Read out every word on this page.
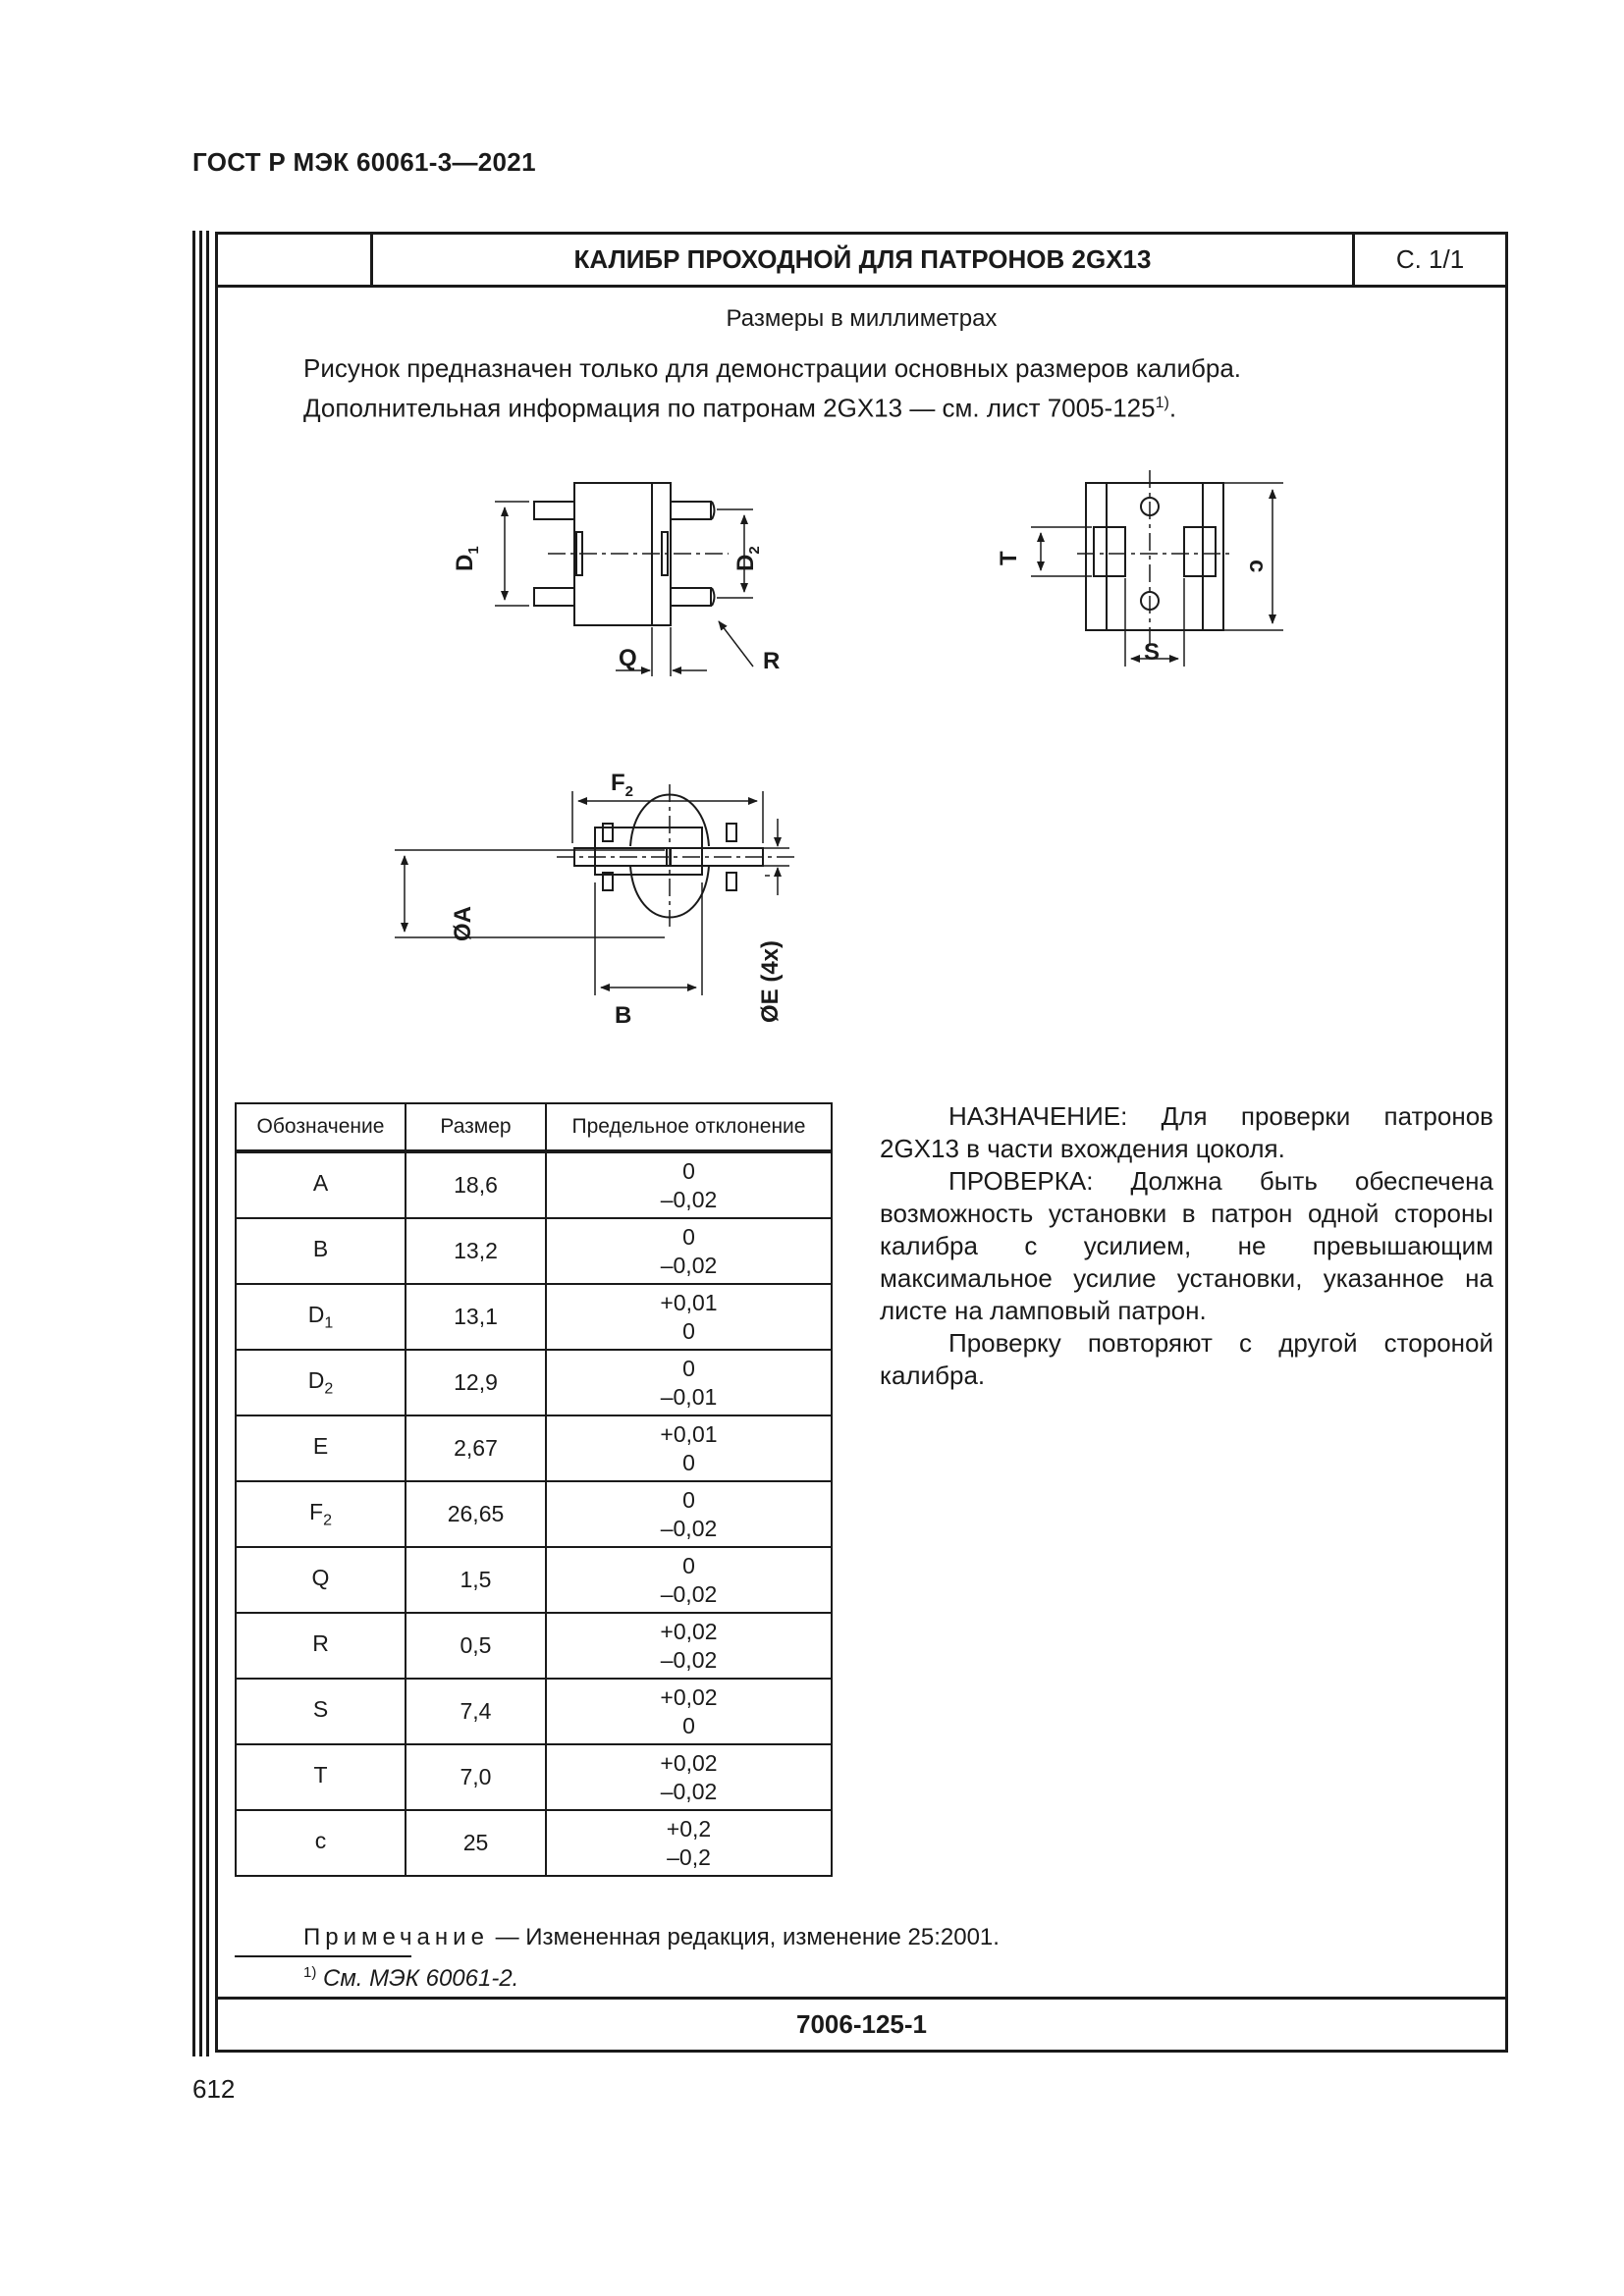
ГОСТ Р МЭК 60061-3—2021
КАЛИБР ПРОХОДНОЙ ДЛЯ ПАТРОНОВ 2GX13	С. 1/1
Размеры в миллиметрах
Рисунок предназначен только для демонстрации основных размеров калибра.
Дополнительная информация по патронам 2GX13 — см. лист 7005-125$^{1)}$.
$D_1$
$D_2$
Q	R
T
c
S
$F_2$
ØA
ØE (4x)
B
Обозначение	Размер	Предельное отклонение
A	18,6	0
–0,02

B	13,2	0
–0,02

$D_1$	13,1	+0,01
0

$D_2$	12,9	0
–0,01

E	2,67	+0,01
0

$F_2$	26,65	0
–0,02

Q	1,5	0
–0,02

R	0,5	+0,02
–0,02

S	7,4	+0,02
0

T	7,0	+0,02
–0,02

c	25	+0,2
–0,2

НАЗНАЧЕНИЕ: Для проверки патронов 2GX13 в части вхождения цоколя.

ПРОВЕРКА: Должна быть обеспечена возможность установки в патрон одной стороны калибра с усилием, не превышающим максимальное усилие установки, указанное на листе на ламповый патрон.

Проверку повторяют с другой стороной калибра.

Примечание — Измененная редакция, изменение 25:2001.
$^{1)}$ См. МЭК 60061-2.
7006-125-1
612
